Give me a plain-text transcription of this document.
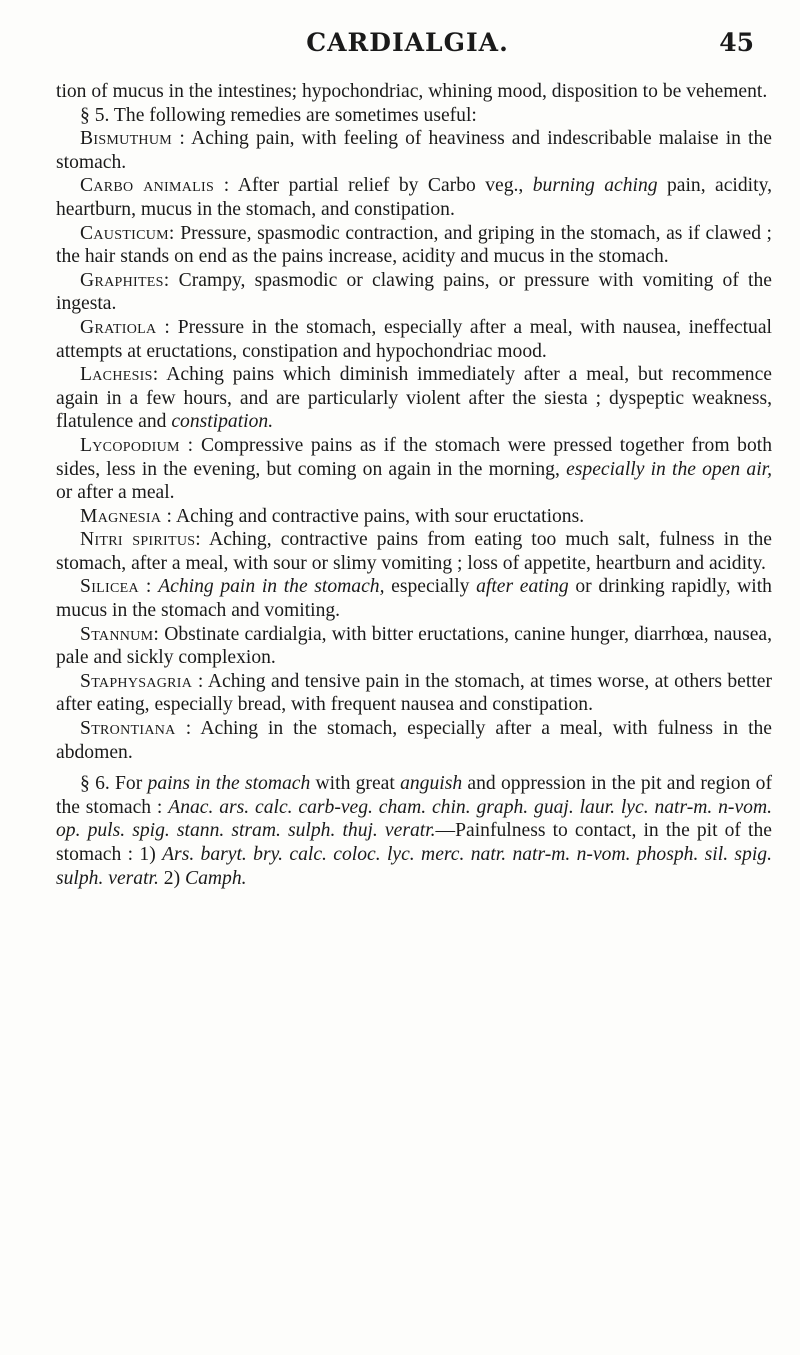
CARDIALGIA.	45

tion of mucus in the intestines; hypochondriac, whining mood, disposition to be vehement.

§ 5. The following remedies are sometimes useful:

Bismuthum : Aching pain, with feeling of heaviness and indescribable malaise in the stomach.

Carbo animalis : After partial relief by Carbo veg., burning aching pain, acidity, heartburn, mucus in the stomach, and constipation.

Causticum: Pressure, spasmodic contraction, and griping in the stomach, as if clawed ; the hair stands on end as the pains increase, acidity and mucus in the stomach.

Graphites: Crampy, spasmodic or clawing pains, or pressure with vomiting of the ingesta.

Gratiola : Pressure in the stomach, especially after a meal, with nausea, ineffectual attempts at eructations, constipation and hypochondriac mood.

Lachesis: Aching pains which diminish immediately after a meal, but recommence again in a few hours, and are particularly violent after the siesta ; dyspeptic weakness, flatulence and constipation.

Lycopodium : Compressive pains as if the stomach were pressed together from both sides, less in the evening, but coming on again in the morning, especially in the open air, or after a meal.

Magnesia : Aching and contractive pains, with sour eructations.

Nitri spiritus: Aching, contractive pains from eating too much salt, fulness in the stomach, after a meal, with sour or slimy vomiting ; loss of appetite, heartburn and acidity.

Silicea : Aching pain in the stomach, especially after eating or drinking rapidly, with mucus in the stomach and vomiting.

Stannum: Obstinate cardialgia, with bitter eructations, canine hunger, diarrhœa, nausea, pale and sickly complexion.

Staphysagria : Aching and tensive pain in the stomach, at times worse, at others better after eating, especially bread, with frequent nausea and constipation.

Strontiana : Aching in the stomach, especially after a meal, with fulness in the abdomen.

§ 6. For pains in the stomach with great anguish and oppression in the pit and region of the stomach : Anac. ars. calc. carb-veg. cham. chin. graph. guaj. laur. lyc. natr-m. n-vom. op. puls. spig. stann. stram. sulph. thuj. veratr.—Painfulness to contact, in the pit of the stomach : 1) Ars. baryt. bry. calc. coloc. lyc. merc. natr. natr-m. n-vom. phosph. sil. spig. sulph. veratr. 2) Camph.
